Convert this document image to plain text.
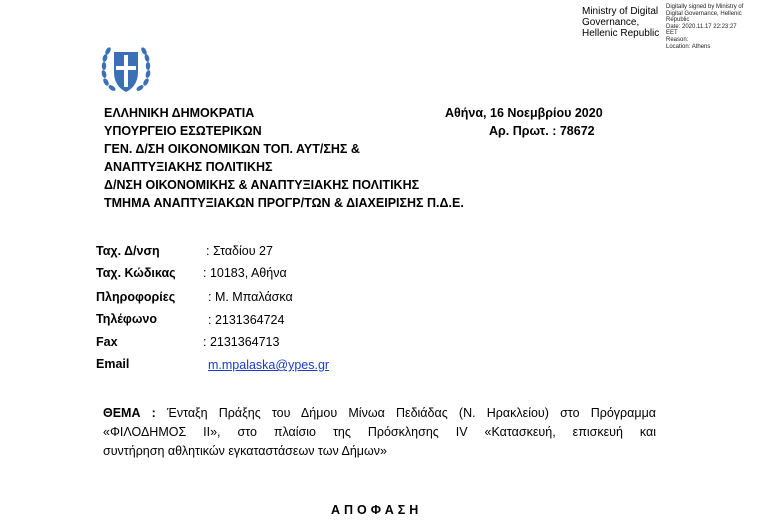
Ministry of Digital
Governance,
Hellenic Republic
Digitally signed by Ministry of
Digital Governance, Hellenic
Republic
Date: 2020.11.17 22:23:27
EET
Reason:
Location: Athens
ΕΛΛΗΝΙΚΗ ΔΗΜΟΚΡΑΤΙΑ
ΥΠΟΥΡΓΕΙΟ ΕΣΩΤΕΡΙΚΩΝ
ΓΕΝ. Δ/ΣΗ ΟΙΚΟΝΟΜΙΚΩΝ ΤΟΠ. ΑΥΤ/ΣΗΣ &
ΑΝΑΠΤΥΞΙΑΚΗΣ ΠΟΛΙΤΙΚΗΣ
Δ/ΝΣΗ ΟΙΚΟΝΟΜΙΚΗΣ & ΑΝΑΠΤΥΞΙΑΚΗΣ ΠΟΛΙΤΙΚΗΣ
ΤΜΗΜΑ ΑΝΑΠΤΥΞΙΑΚΩΝ ΠΡΟΓΡ/ΤΩΝ & ΔΙΑΧΕΙΡΙΣΗΣ Π.Δ.Ε.
Αθήνα, 16 Νοεμβρίου 2020
Αρ. Πρωτ. : 78672
Ταχ. Δ/νση	: Σταδίου 27
Ταχ. Κώδικας : 10183, Αθήνα
Πληροφορίες	: Μ. Μπαλάσκα
Τηλέφωνο	: 2131364724
Fax	: 2131364713
Email	m.mpalaska@ypes.gr
ΘΕΜΑ : Ένταξη Πράξης του Δήμου Μίνωα Πεδιάδας (Ν. Ηρακλείου) στο Πρόγραμμα
«ΦΙΛΟΔΗΜΟΣ ΙΙ», στο πλαίσιο της Πρόσκλησης IV «Κατασκευή, επισκευή και
συντήρηση αθλητικών εγκαταστάσεων των Δήμων»
ΑΠΟΦΑΣΗ
